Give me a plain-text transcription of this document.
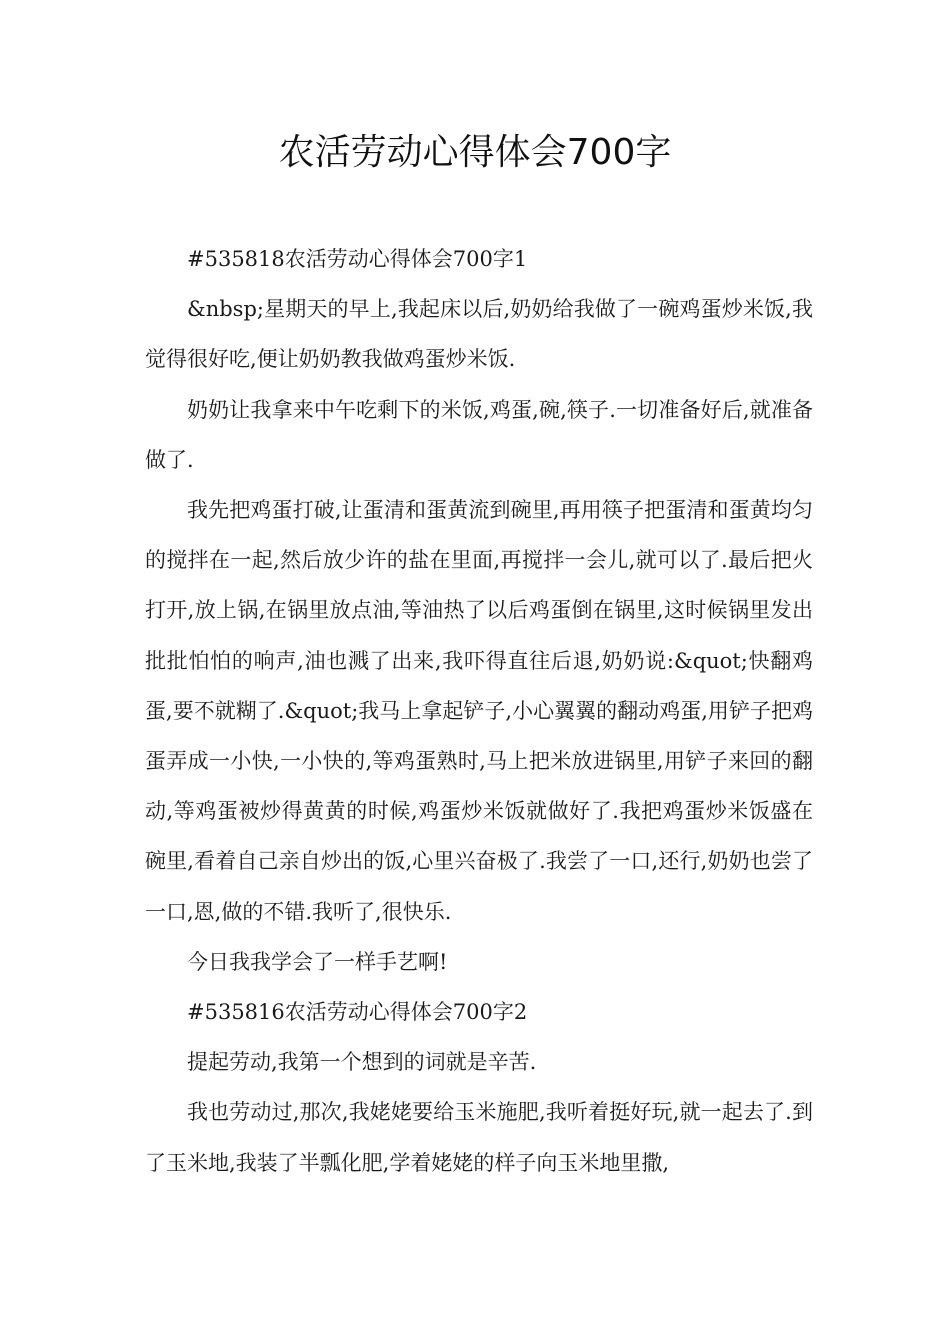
农活劳动心得体会700字

#535818农活劳动心得体会700字1

&nbsp;星期天的早上,我起床以后,奶奶给我做了一碗鸡蛋炒米饭,我觉得很好吃,便让奶奶教我做鸡蛋炒米饭.

奶奶让我拿来中午吃剩下的米饭,鸡蛋,碗,筷子.一切准备好后,就准备做了.

我先把鸡蛋打破,让蛋清和蛋黄流到碗里,再用筷子把蛋清和蛋黄均匀的搅拌在一起,然后放少许的盐在里面,再搅拌一会儿,就可以了.最后把火打开,放上锅,在锅里放点油,等油热了以后鸡蛋倒在锅里,这时候锅里发出批批怕怕的响声,油也溅了出来,我吓得直往后退,奶奶说:&quot;快翻鸡蛋,要不就糊了.&quot;我马上拿起铲子,小心翼翼的翻动鸡蛋,用铲子把鸡蛋弄成一小快,一小快的,等鸡蛋熟时,马上把米放进锅里,用铲子来回的翻动,等鸡蛋被炒得黄黄的时候,鸡蛋炒米饭就做好了.我把鸡蛋炒米饭盛在碗里,看着自己亲自炒出的饭,心里兴奋极了.我尝了一口,还行,奶奶也尝了一口,恩,做的不错.我听了,很快乐.

今日我我学会了一样手艺啊!

#535816农活劳动心得体会700字2

提起劳动,我第一个想到的词就是辛苦.

我也劳动过,那次,我姥姥要给玉米施肥,我听着挺好玩,就一起去了.到了玉米地,我装了半瓢化肥,学着姥姥的样子向玉米地里撒,
